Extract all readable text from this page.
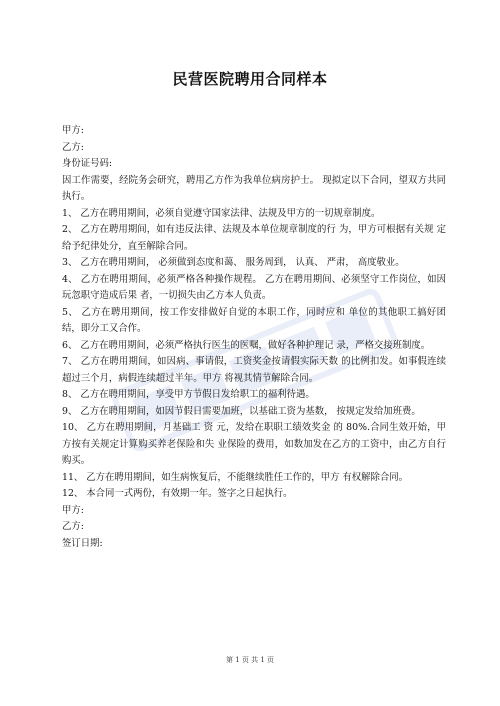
民营医院聘用合同样本

甲方:

乙方:

身份证号码:

因工作需要，经院务会研究，聘用乙方作为我单位病房护士。 现拟定以下合同，望双方共同执行。

1、 乙方在聘用期间，必须自觉遵守国家法律、法规及甲方的一切规章制度。

2、 乙方在聘用期间，如有违反法律、法规及本单位规章制度的行 为，甲方可根据有关规 定给予纪律处分，直至解除合同。

3、 乙方在聘用期间， 必须做到态度和蔼、 服务周到， 认真、 严肃， 高度敬业。

4、 乙方在聘用期间，必须严格各种操作规程。 乙方在聘用期间、必须坚守工作岗位，如因玩忽职守造成后果 者，一切损失由乙方本人负责。

5、 乙方在聘用期间，按工作安排做好自觉的本职工作，同时应和 单位的其他职工搞好团结，即分工又合作。

6、 乙方在聘用期间，必须严格执行医生的医嘱，做好各种护理记 录，严格交接班制度。

7、 乙方在聘用期间，如因病、事请假，工资奖金按请假实际天数 的比例扣发。如事假连续超过三个月，病假连续超过半年。甲方 将视其情节解除合同。

8、 乙方在聘用期间，享受甲方节假日发给职工的福利待遇。

9、 乙方在聘用期间，如因节假日需要加班，以基础工资为基数， 按规定发给加班费。

10、 乙方在聘用期间，月基础工 资 元，发给在职职工绩效奖金 的 80%.合同生效开始，甲方按有关规定计算购买养老保险和失 业保险的费用，如数加发在乙方的工资中，由乙方自行购买。

11、 乙方在聘用期间，如生病恢复后，不能继续胜任工作的，甲方 有权解除合同。

12、 本合同一式两份，有效期一年。签字之日起执行。

甲方:

乙方:

签订日期:

第 1 页 共 1 页
